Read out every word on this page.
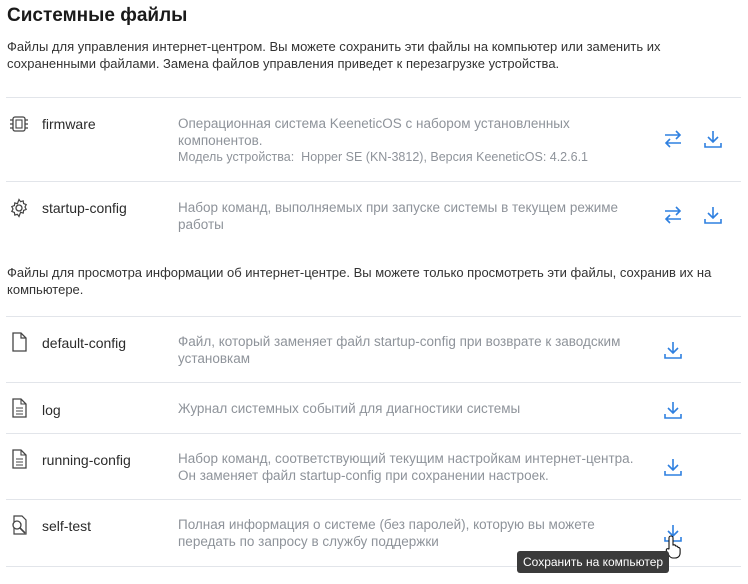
Системные файлы
Файлы для управления интернет-центром. Вы можете сохранить эти файлы на компьютер или заменить их сохраненными файлами. Замена файлов управления приведет к перезагрузке устройства.
firmware	Операционная система KeeneticOS с набором установленных компонентов.
Модель устройства: Hopper SE (KN-3812), Версия KeeneticOS: 4.2.6.1
startup-config	Набор команд, выполняемых при запуске системы в текущем режиме работы
Файлы для просмотра информации об интернет-центре. Вы можете только просмотреть эти файлы, сохранив их на компьютере.
default-config	Файл, который заменяет файл startup-config при возврате к заводским установкам
log	Журнал системных событий для диагностики системы
running-config	Набор команд, соответствующий текущим настройкам интернет-центра. Он заменяет файл startup-config при сохранении настроек.
self-test	Полная информация о системе (без паролей), которую вы можете передать по запросу в службу поддержки
Сохранить на компьютер
